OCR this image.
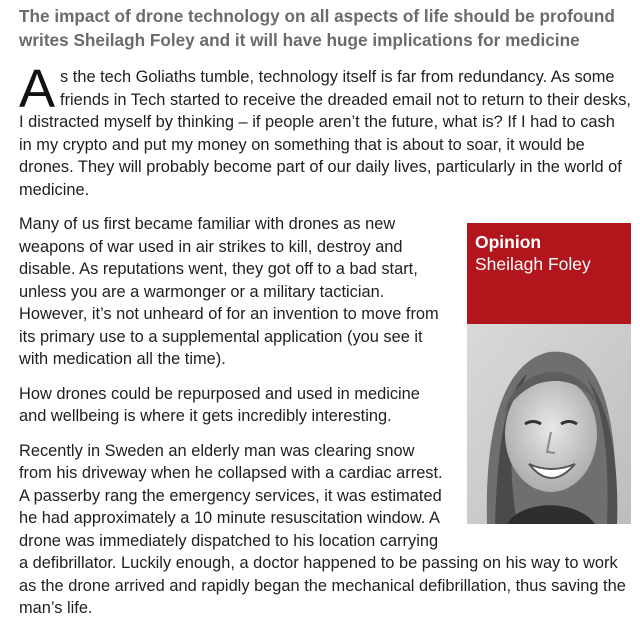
The impact of drone technology on all aspects of life should be profound writes Sheilagh Foley and it will have huge implications for medicine

As the tech Goliaths tumble, technology itself is far from redundancy. As some friends in Tech started to receive the dreaded email not to return to their desks, I distracted myself by thinking – if people aren’t the future, what is? If I had to cash in my crypto and put my money on something that is about to soar, it would be drones. They will probably become part of our daily lives, particularly in the world of medicine.

Opinion
Sheilagh Foley

Many of us first became familiar with drones as new weapons of war used in air strikes to kill, destroy and disable. As reputations went, they got off to a bad start, unless you are a warmonger or a military tactician. However, it’s not unheard of for an invention to move from its primary use to a supplemental application (you see it with medication all the time).

How drones could be repurposed and used in medicine and wellbeing is where it gets incredibly interesting.

Recently in Sweden an elderly man was clearing snow from his driveway when he collapsed with a cardiac arrest. A passerby rang the emergency services, it was estimated he had approximately a 10 minute resuscitation window. A drone was immediately dispatched to his location carrying a defibrillator. Luckily enough, a doctor happened to be passing on his way to work as the drone arrived and rapidly began the mechanical defibrillation, thus saving the man’s life.
